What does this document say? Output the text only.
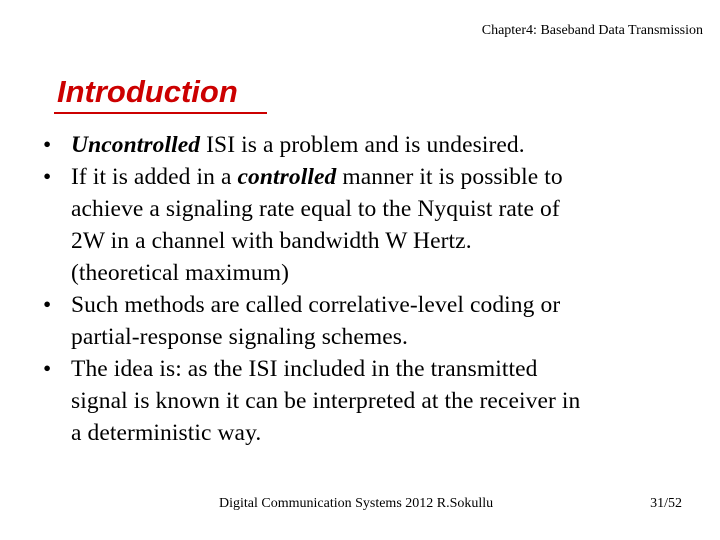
Chapter4: Baseband Data Transmission
Introduction
• Uncontrolled ISI is a problem and is undesired.
• If it is added in a controlled manner it is possible to
achieve a signaling rate equal to the Nyquist rate of
2W in a channel with bandwidth W Hertz.
(theoretical maximum)
• Such methods are called correlative-level coding or
partial-response signaling schemes.
• The idea is: as the ISI included in the transmitted
signal is known it can be interpreted at the receiver in
a deterministic way.
Digital Communication Systems 2012 R.Sokullu	31/52
